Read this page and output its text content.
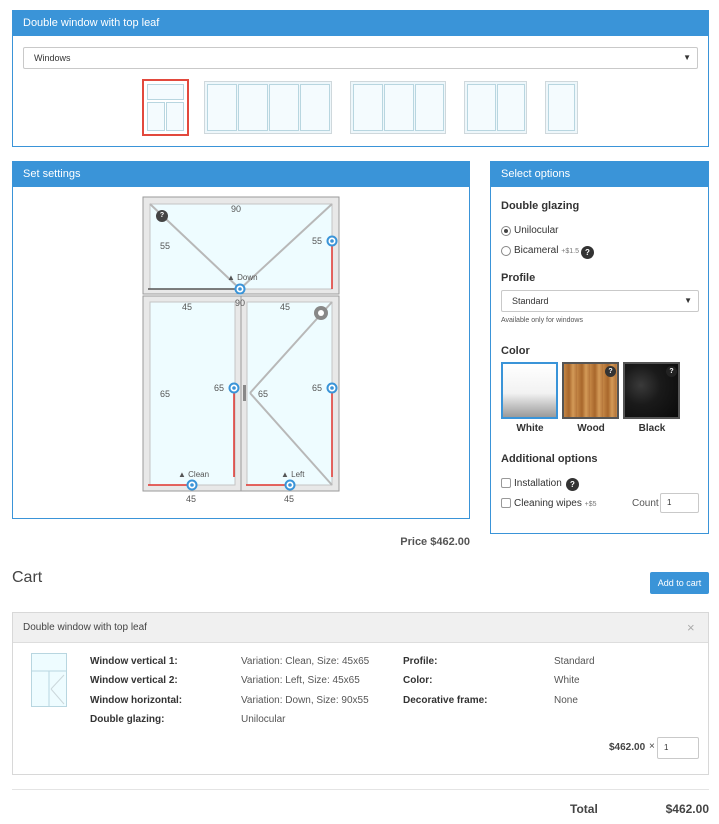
Double window with top leaf
Windows	▼
Set settings
?
90
55	55
▲ Down
90
45	45
65
65
65
65
▲ Clean	▲ Left
45	45
Price $462.00
Select options
Double glazing
Unilocular
Bicameral +$1.5 ?
Profile
Standard	▼
Available only for windows
Color
White
?
Wood
?
Black
Additional options
Installation	?
Cleaning wipes +$5	Count	1
Cart	Add to cart
Double window with top leaf	×
Window vertical 1:	Variation: Clean, Size: 45x65
Window vertical 2:	Variation: Left, Size: 45x65
Window horizontal:	Variation: Down, Size: 90x55
Double glazing:	Unilocular
Profile:	Standard
Color:	White
Decorative frame:	None
$462.00 ×	1
Total	$462.00
